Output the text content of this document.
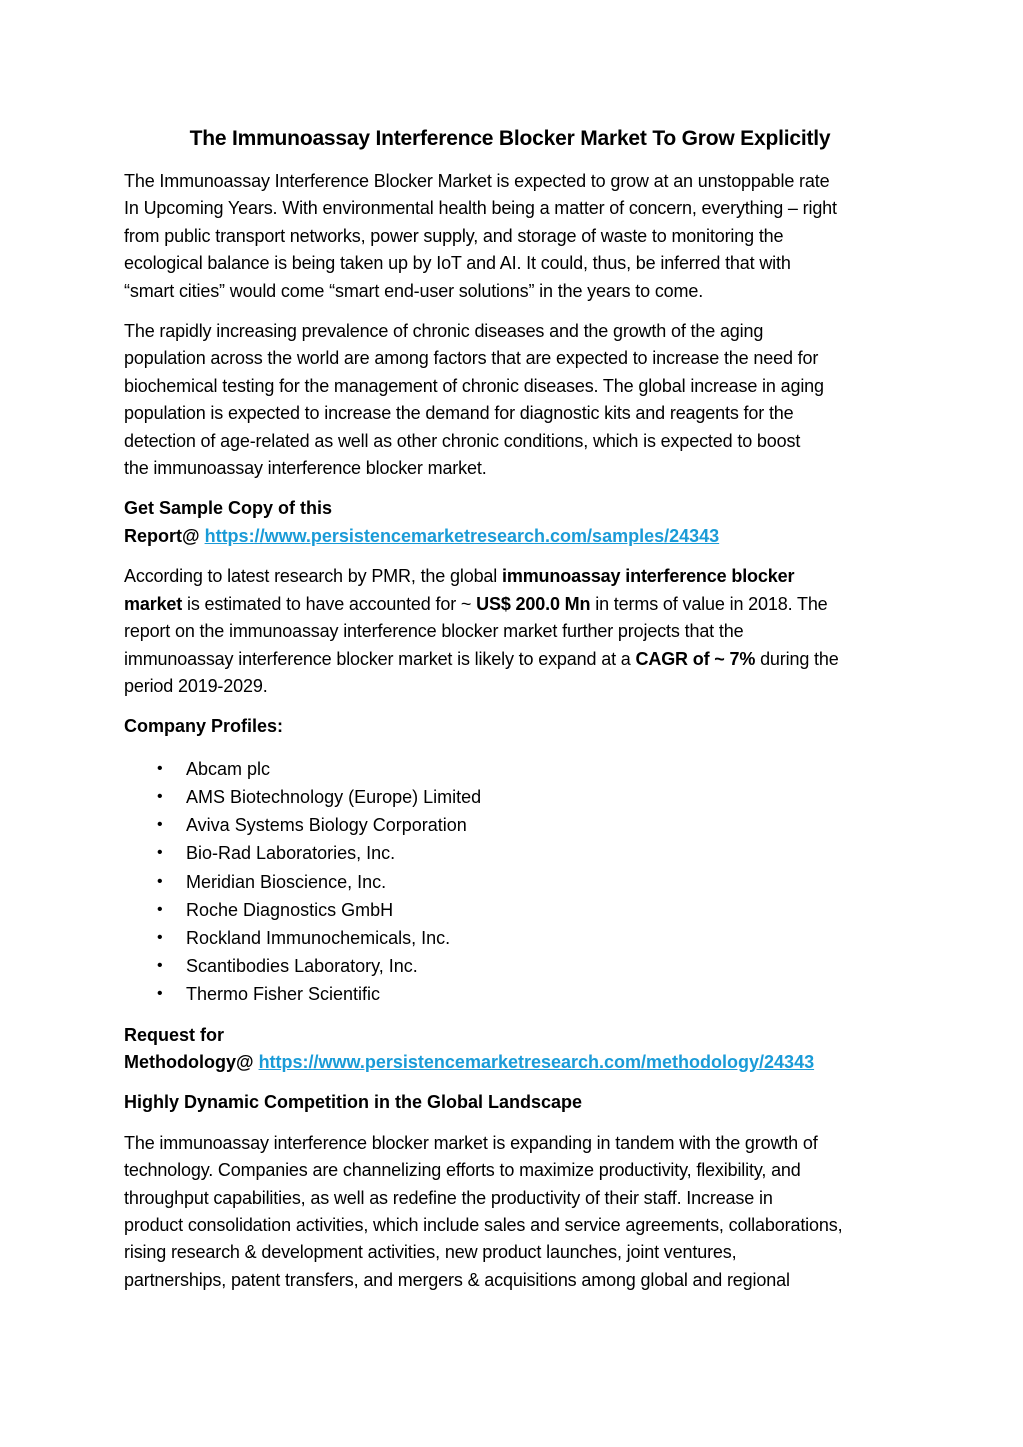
The Immunoassay Interference Blocker Market To Grow Explicitly

The Immunoassay Interference Blocker Market is expected to grow at an unstoppable rate
In Upcoming Years. With environmental health being a matter of concern, everything – right
from public transport networks, power supply, and storage of waste to monitoring the
ecological balance is being taken up by IoT and AI. It could, thus, be inferred that with
“smart cities” would come “smart end-user solutions” in the years to come.

The rapidly increasing prevalence of chronic diseases and the growth of the aging
population across the world are among factors that are expected to increase the need for
biochemical testing for the management of chronic diseases. The global increase in aging
population is expected to increase the demand for diagnostic kits and reagents for the
detection of age-related as well as other chronic conditions, which is expected to boost
the immunoassay interference blocker market.

Get Sample Copy of this
Report@ https://www.persistencemarketresearch.com/samples/24343

According to latest research by PMR, the global immunoassay interference blocker
market is estimated to have accounted for ~ US$ 200.0 Mn in terms of value in 2018. The
report on the immunoassay interference blocker market further projects that the
immunoassay interference blocker market is likely to expand at a CAGR of ~ 7% during the
period 2019-2029.

Company Profiles:

• Abcam plc
• AMS Biotechnology (Europe) Limited
• Aviva Systems Biology Corporation
• Bio-Rad Laboratories, Inc.
• Meridian Bioscience, Inc.
• Roche Diagnostics GmbH
• Rockland Immunochemicals, Inc.
• Scantibodies Laboratory, Inc.
• Thermo Fisher Scientific

Request for
Methodology@ https://www.persistencemarketresearch.com/methodology/24343

Highly Dynamic Competition in the Global Landscape

The immunoassay interference blocker market is expanding in tandem with the growth of
technology. Companies are channelizing efforts to maximize productivity, flexibility, and
throughput capabilities, as well as redefine the productivity of their staff. Increase in
product consolidation activities, which include sales and service agreements, collaborations,
rising research & development activities, new product launches, joint ventures,
partnerships, patent transfers, and mergers & acquisitions among global and regional
